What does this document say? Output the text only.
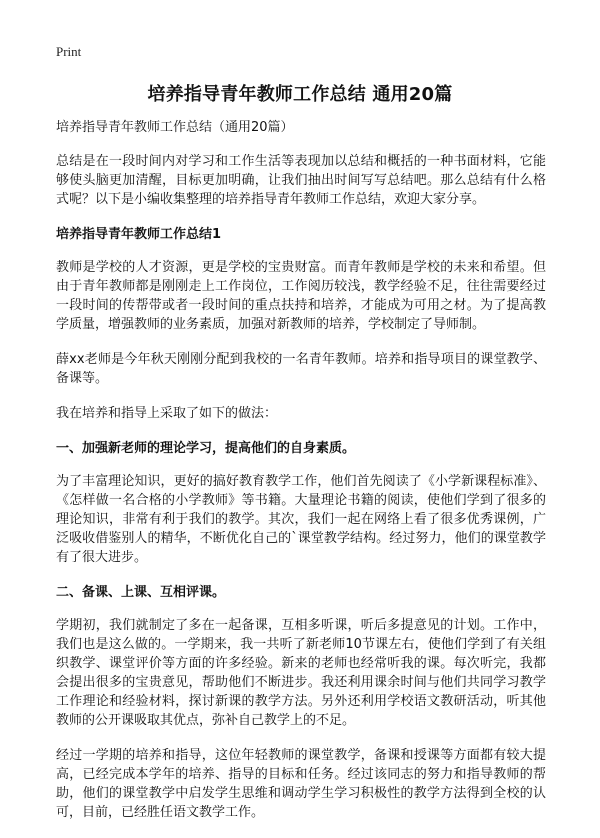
Print
培养指导青年教师工作总结 通用20篇

培养指导青年教师工作总结（通用20篇）

总结是在一段时间内对学习和工作生活等表现加以总结和概括的一种书面材料，它能够使头脑更加清醒，目标更加明确，让我们抽出时间写写总结吧。那么总结有什么格式呢？以下是小编收集整理的培养指导青年教师工作总结，欢迎大家分享。

培养指导青年教师工作总结1

教师是学校的人才资源，更是学校的宝贵财富。而青年教师是学校的未来和希望。但由于青年教师都是刚刚走上工作岗位，工作阅历较浅，教学经验不足，往往需要经过一段时间的传帮带或者一段时间的重点扶持和培养，才能成为可用之材。为了提高教学质量，增强教师的业务素质，加强对新教师的培养，学校制定了导师制。

薛xx老师是今年秋天刚刚分配到我校的一名青年教师。培养和指导项目的课堂教学、备课等。

我在培养和指导上采取了如下的做法：

一、加强新老师的理论学习，提高他们的自身素质。

为了丰富理论知识，更好的搞好教育教学工作，他们首先阅读了《小学新课程标准》、《怎样做一名合格的小学教师》等书籍。大量理论书籍的阅读，使他们学到了很多的理论知识，非常有利于我们的教学。其次，我们一起在网络上看了很多优秀课例，广泛吸收借鉴别人的精华，不断优化自己的`课堂教学结构。经过努力，他们的课堂教学有了很大进步。

二、备课、上课、互相评课。

学期初，我们就制定了多在一起备课，互相多听课，听后多提意见的计划。工作中，我们也是这么做的。一学期来，我一共听了新老师10节课左右，使他们学到了有关组织教学、课堂评价等方面的许多经验。新来的老师也经常听我的课。每次听完，我都会提出很多的宝贵意见，帮助他们不断进步。我还利用课余时间与他们共同学习教学工作理论和经验材料，探讨新课的教学方法。另外还利用学校语文教研活动，听其他教师的公开课吸取其优点，弥补自己教学上的不足。

经过一学期的培养和指导，这位年轻教师的课堂教学，备课和授课等方面都有较大提高，已经完成本学年的培养、指导的目标和任务。经过该同志的努力和指导教师的帮助，他们的课堂教学中启发学生思维和调动学生学习积极性的教学方法得到全校的认可，目前，已经胜任语文教学工作。
